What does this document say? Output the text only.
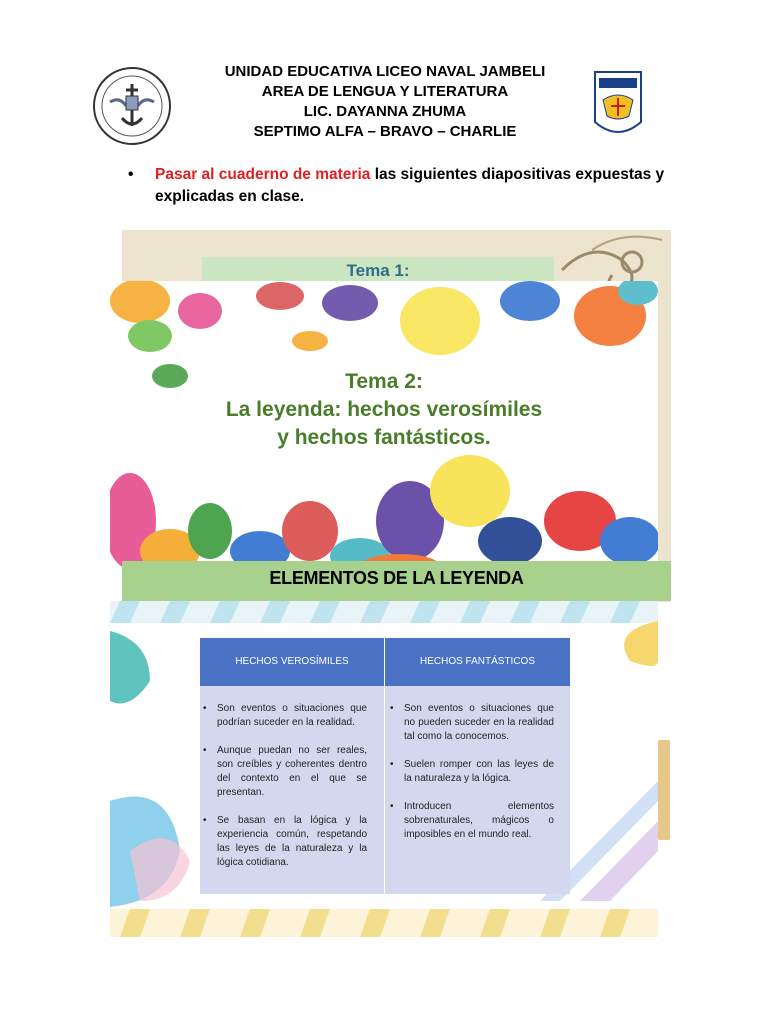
UNIDAD EDUCATIVA LICEO NAVAL JAMBELI
AREA DE LENGUA Y LITERATURA
LIC. DAYANNA ZHUMA
SEPTIMO ALFA – BRAVO – CHARLIE
• Pasar al cuaderno de materia las siguientes diapositivas expuestas y explicadas en clase.
Tema 1:
Tema 2:
La leyenda: hechos verosímiles
y hechos fantásticos.
ELEMENTOS DE LA LEYENDA
HECHOS VEROSÍMILES	HECHOS FANTÁSTICOS
• Son eventos o situaciones que podrían suceder en la realidad.
• Aunque puedan no ser reales, son creíbles y coherentes dentro del contexto en el que se presentan.
• Se basan en la lógica y la experiencia común, respetando las leyes de la naturaleza y la lógica cotidiana.
• Son eventos o situaciones que no pueden suceder en la realidad tal como la conocemos.
• Suelen romper con las leyes de la naturaleza y la lógica.
• Introducen elementos sobrenaturales, mágicos o imposibles en el mundo real.
